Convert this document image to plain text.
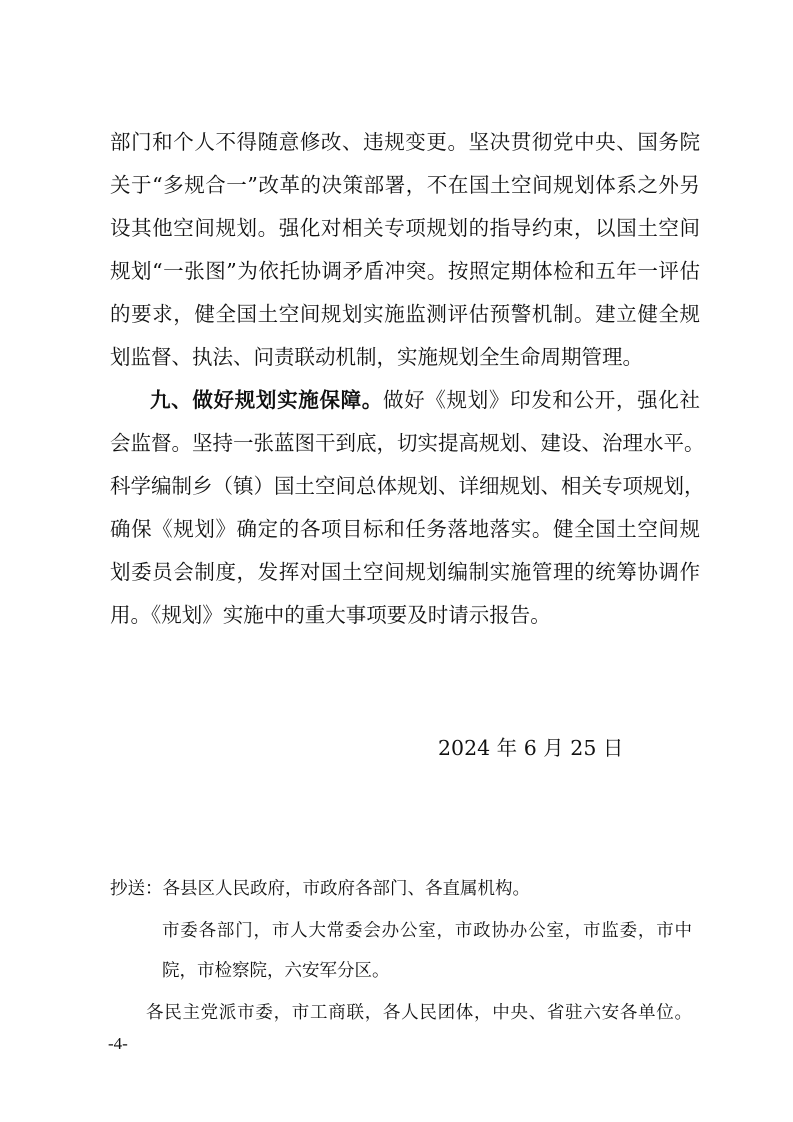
部门和个人不得随意修改、违规变更。坚决贯彻党中央、国务院
关于“多规合一”改革的决策部署，不在国土空间规划体系之外另
设其他空间规划。强化对相关专项规划的指导约束，以国土空间
规划“一张图”为依托协调矛盾冲突。按照定期体检和五年一评估
的要求，健全国土空间规划实施监测评估预警机制。建立健全规
划监督、执法、问责联动机制，实施规划全生命周期管理。
九、做好规划实施保障。做好《规划》印发和公开，强化社
会监督。坚持一张蓝图干到底，切实提高规划、建设、治理水平。
科学编制乡（镇）国土空间总体规划、详细规划、相关专项规划，
确保《规划》确定的各项目标和任务落地落实。健全国土空间规
划委员会制度，发挥对国土空间规划编制实施管理的统筹协调作
用。《规划》实施中的重大事项要及时请示报告。
2024 年 6 月 25 日
抄送：各县区人民政府，市政府各部门、各直属机构。
市委各部门，市人大常委会办公室，市政协办公室，市监委，市中
院，市检察院，六安军分区。
各民主党派市委，市工商联，各人民团体，中央、省驻六安各单位。
-4-
